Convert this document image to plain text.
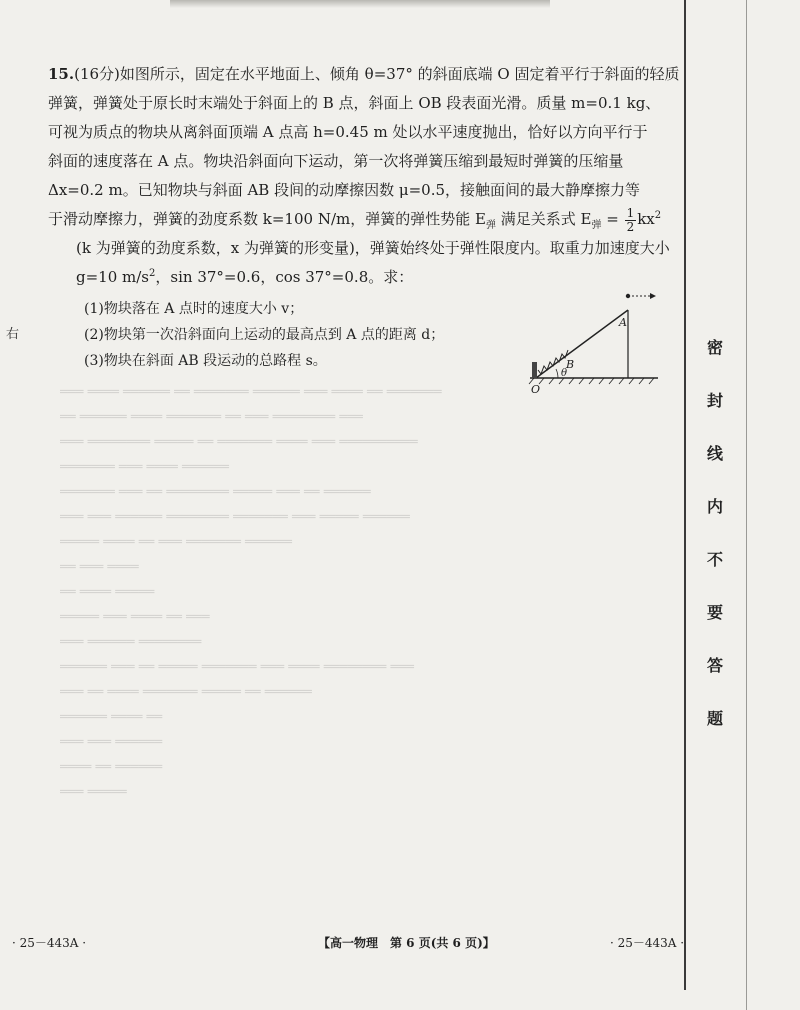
15.(16分)如图所示，固定在水平地面上、倾角 θ=37° 的斜面底端 O 固定着平行于斜面的轻质
弹簧，弹簧处于原长时末端处于斜面上的 B 点，斜面上 OB 段表面光滑。质量 m=0.1 kg、
可视为质点的物块从离斜面顶端 A 点高 h=0.45 m 处以水平速度抛出，恰好以方向平行于
斜面的速度落在 A 点。物块沿斜面向下运动，第一次将弹簧压缩到最短时弹簧的压缩量
Δx=0.2 m。已知物块与斜面 AB 段间的动摩擦因数 μ=0.5，接触面间的最大静摩擦力等
于滑动摩擦力，弹簧的劲度系数 k=100 N/m，弹簧的弹性势能 $E_弹$ 满足关系式 $E_弹 = \frac{1}{2} kx^2$
(k 为弹簧的劲度系数，x 为弹簧的形变量)，弹簧始终处于弹性限度内。取重力加速度大小
g=10 $m/s^2$，sin 37°=0.6，cos 37°=0.8。求：
(1)物块落在 A 点时的速度大小 v；
(2)物块第一次沿斜面向上运动的最高点到 A 点的距离 d；
(3)物块在斜面 AB 段运动的总路程 s。
右
A
B
O
θ
═══ ════ ══════ ══ ═══════ ══════ ═══ ════ ══ ═══════
══ ══════ ════ ═══════ ══ ═══ ════════ ═══
═══ ════════ ═════ ══ ═══════ ════ ═══ ══════════
═══════ ═══ ════ ══════
═══════ ═══ ══ ════════ ═════ ═══ ══ ══════
═══ ═══ ══════ ════════ ═══════ ═══ ═════ ══════
═════ ════ ══ ═══ ═══════ ══════
══ ═══ ════
══ ════ ═════
═════ ═══ ════ ══ ═══
═══ ══════ ════════
══════ ═══ ══ ═════ ═══════ ═══ ════ ════════ ═══
═══ ══ ════ ═══════ ═════ ══ ══════
══════ ════ ══
═══ ═══ ══════
════ ══ ══════
═══ ═════
密
封
线
内
不
要
答
题
· 25－443A ·	【高一物理　第 6 页(共 6 页)】	· 25－443A ·
